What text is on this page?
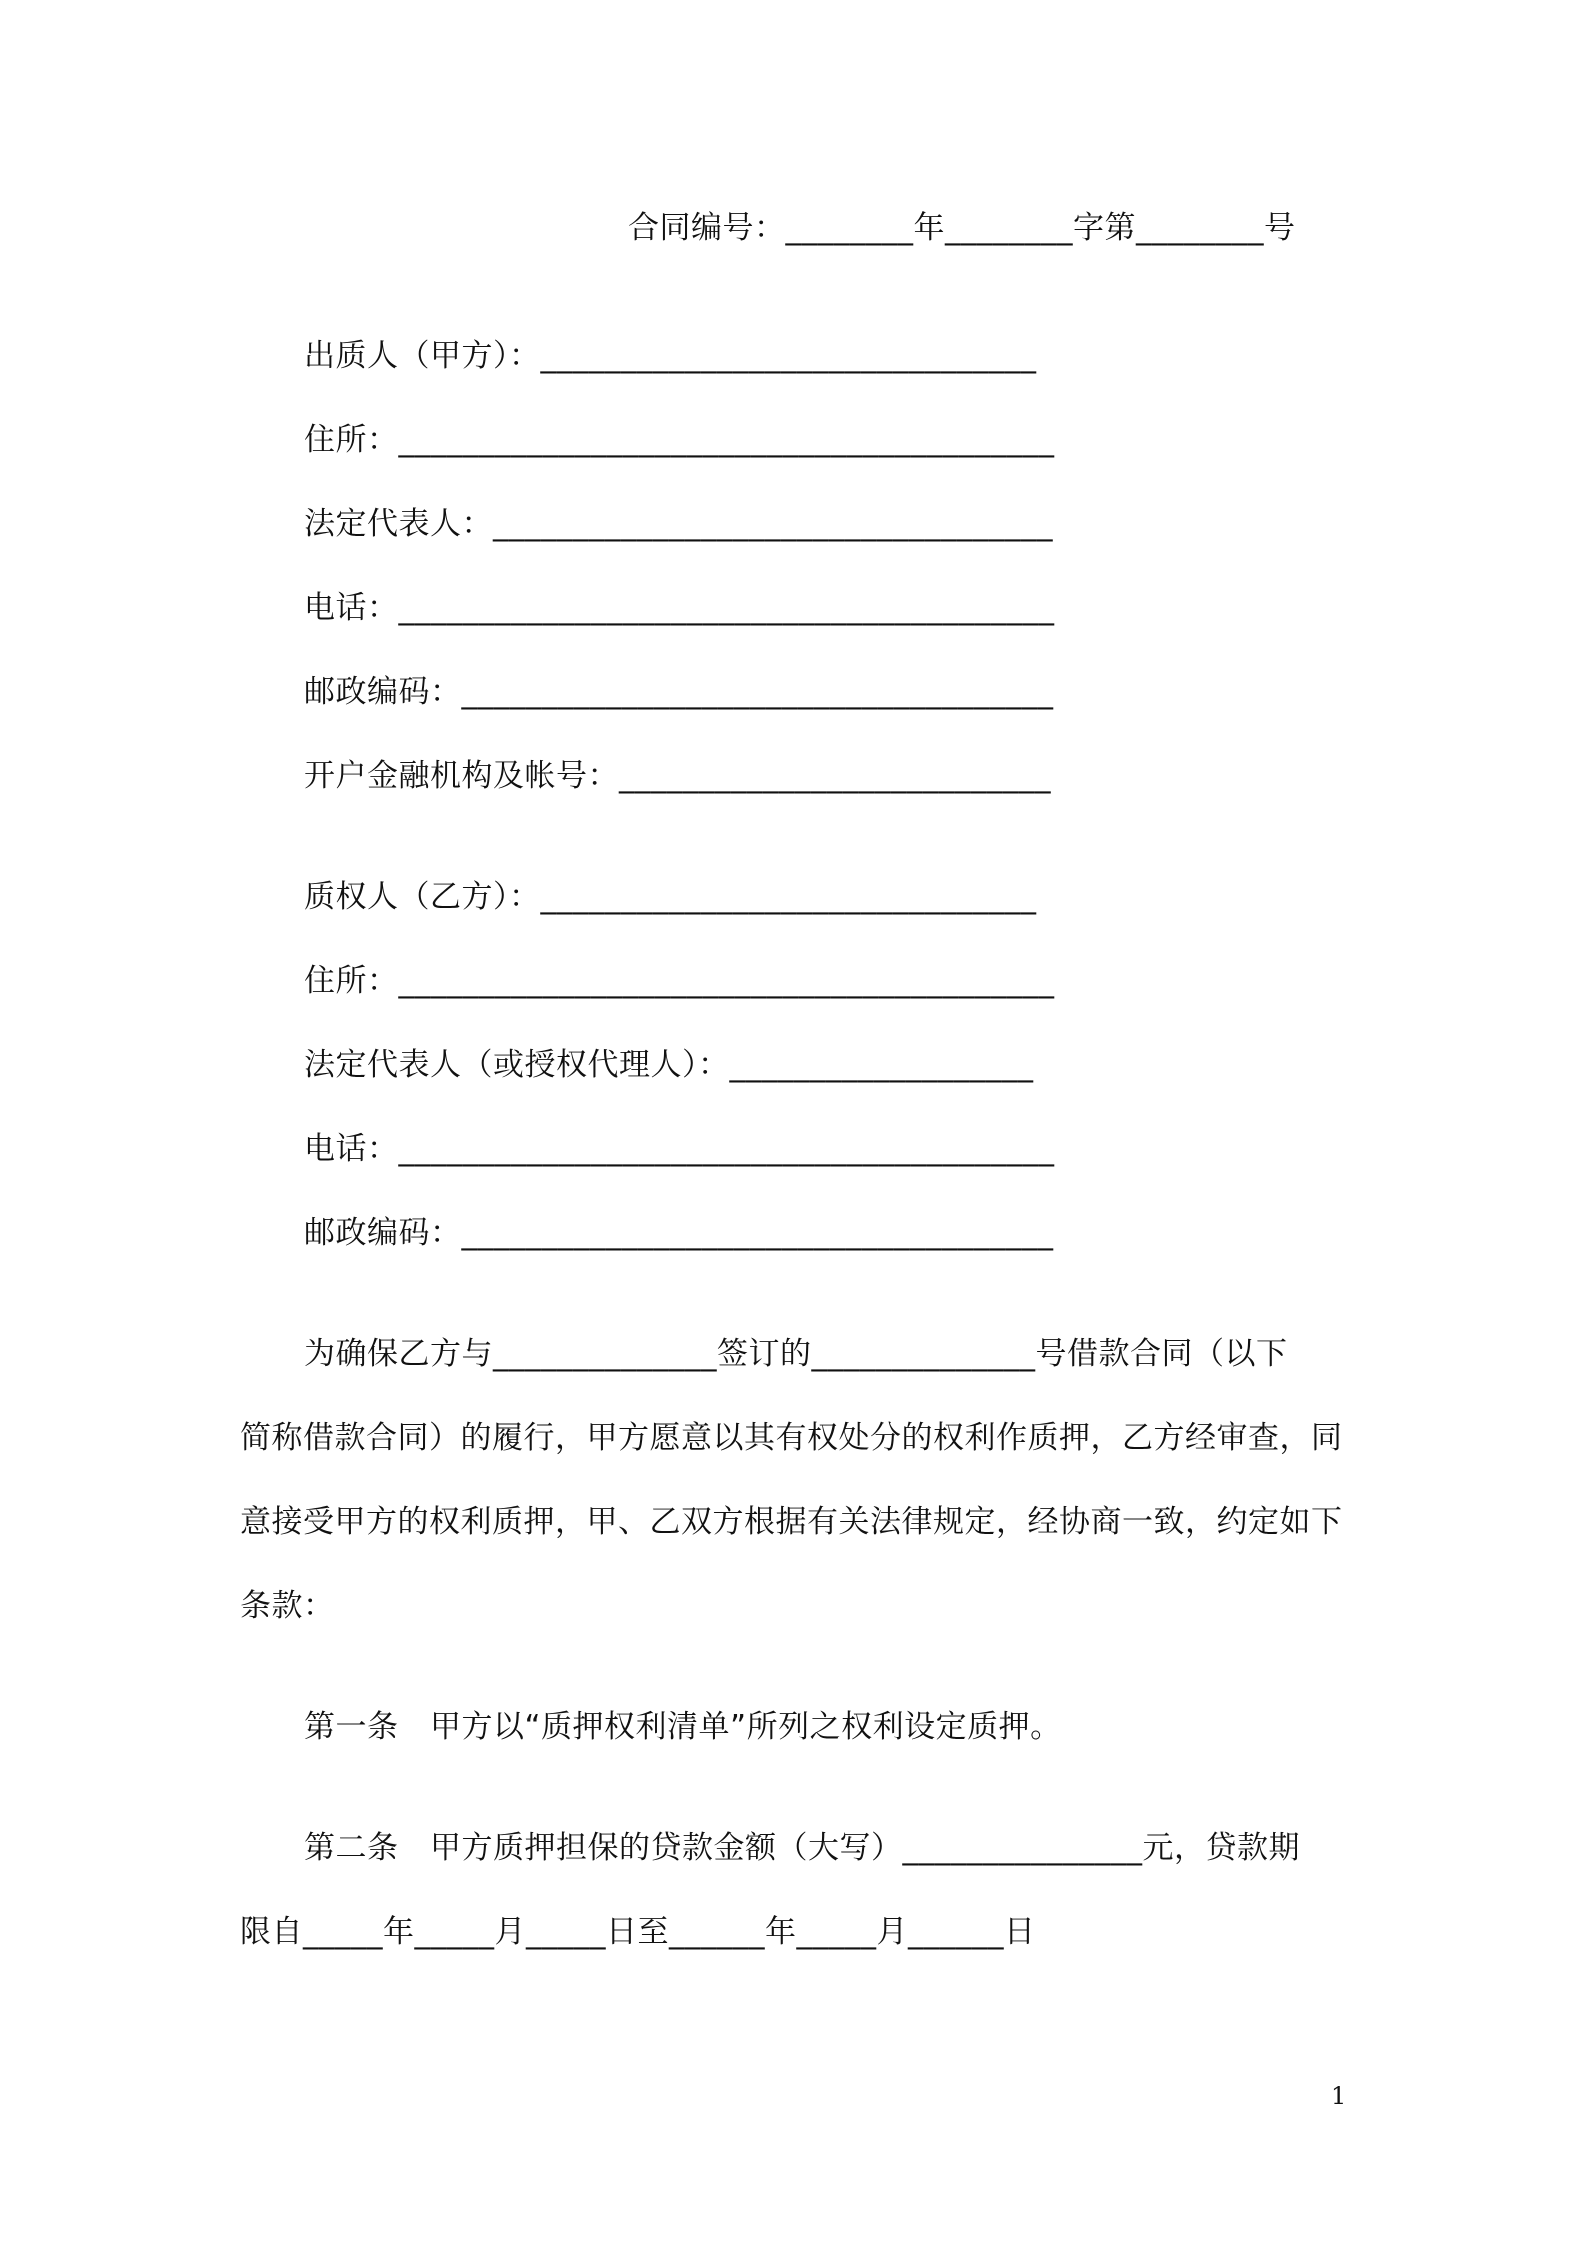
合同编号：________年________字第________号
出质人（甲方）：_______________________________
住所：_________________________________________
法定代表人：___________________________________
电话：_________________________________________
邮政编码：_____________________________________
开户金融机构及帐号：___________________________
质权人（乙方）：_______________________________
住所：_________________________________________
法定代表人（或授权代理人）：___________________
电话：_________________________________________
邮政编码：_____________________________________
为确保乙方与______________签订的______________号借款合同（以下
简称借款合同）的履行，甲方愿意以其有权处分的权利作质押，乙方经审查，同
意接受甲方的权利质押，甲、乙双方根据有关法律规定，经协商一致，约定如下
条款：
第一条　甲方以“质押权利清单”所列之权利设定质押。
第二条　甲方质押担保的贷款金额（大写）_______________元，贷款期
限自_____年_____月_____日至______年_____月______日
1
